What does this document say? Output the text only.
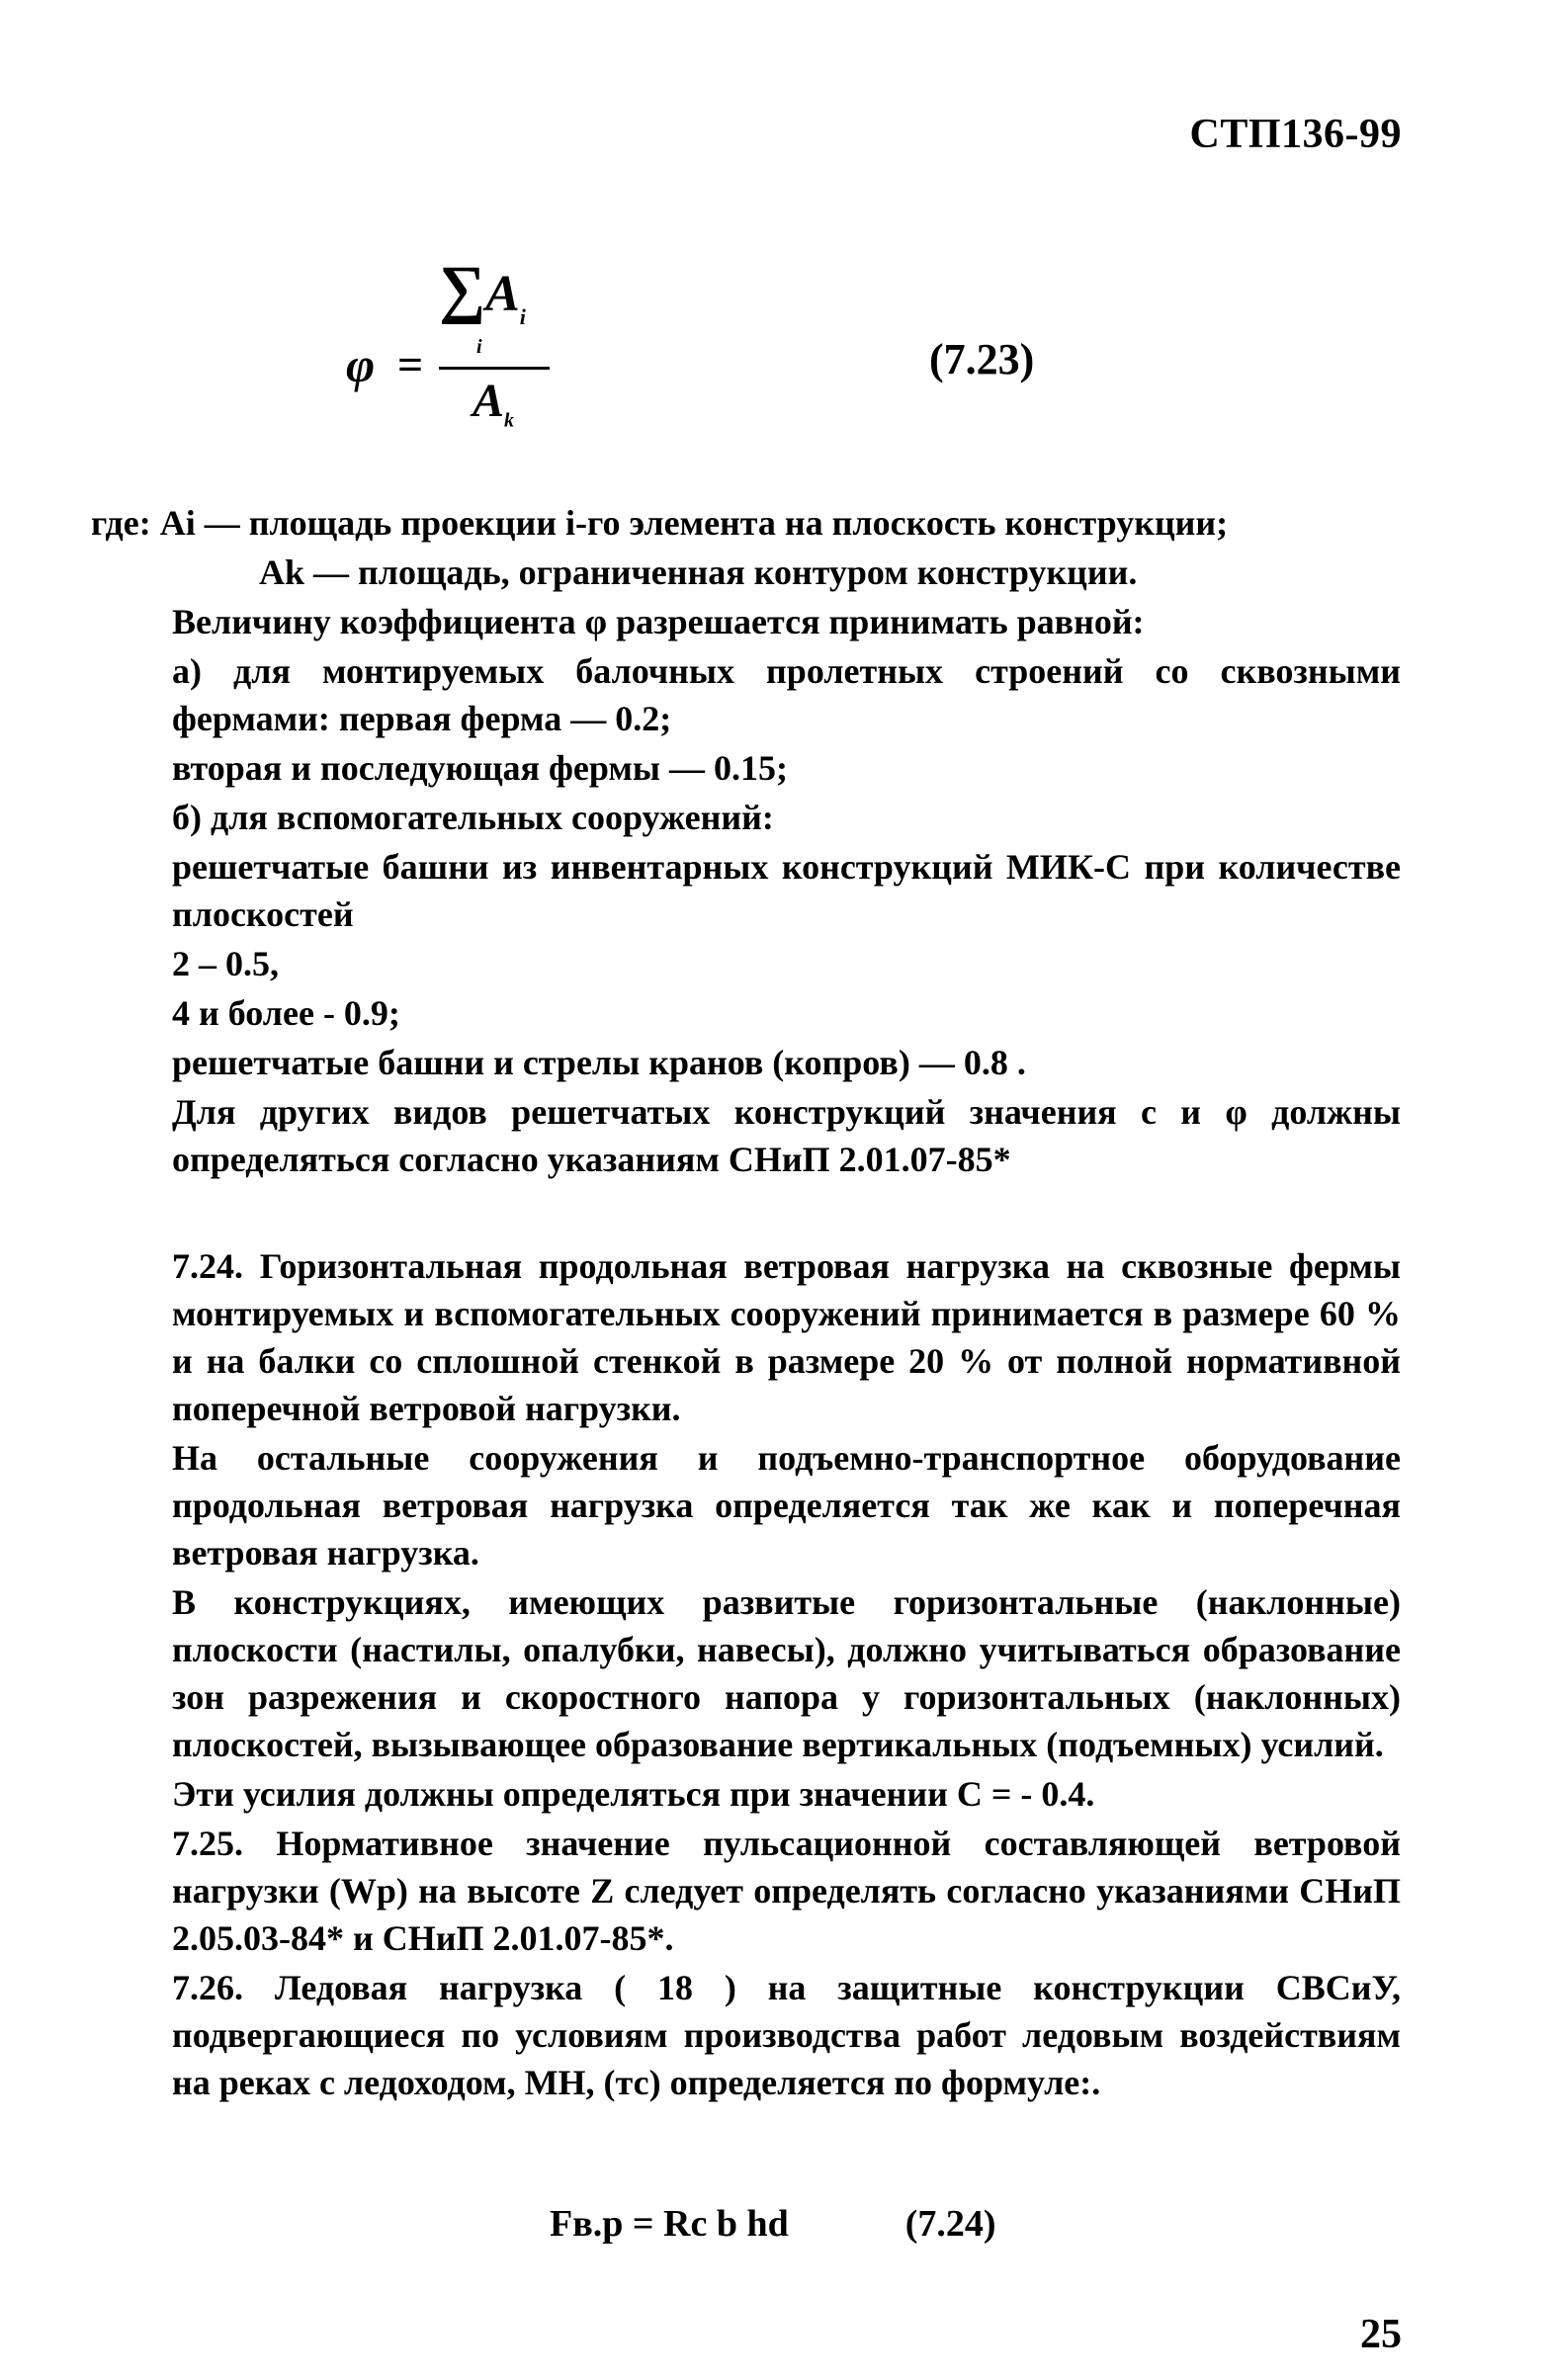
СТП136-99
φ =
$\sum A_i$
i
$A_k$
(7.23)

где: Ai — площадь проекции i-го элемента на плоскость конструкции;

Ak — площадь, ограниченная контуром конструкции.

Величину коэффициента φ разрешается принимать равной:

а) для монтируемых балочных пролетных строений со сквозными фермами: первая ферма — 0.2;

вторая и последующая фермы — 0.15;

б) для вспомогательных сооружений:

решетчатые башни из инвентарных конструкций МИК-С при количестве плоскостей

2 – 0.5,

4 и более - 0.9;

решетчатые башни и стрелы кранов (копров) — 0.8 .

Для других видов решетчатых конструкций значения с и φ должны определяться согласно указаниям СНиП 2.01.07-85*

7.24. Горизонтальная продольная ветровая нагрузка на сквозные фермы монтируемых и вспомогательных сооружений принимается в размере 60 % и на балки со сплошной стенкой в размере 20 % от полной нормативной поперечной ветровой нагрузки.

На остальные сооружения и подъемно-транспортное оборудование продольная ветровая нагрузка определяется так же как и поперечная ветровая нагрузка.

В конструкциях, имеющих развитые горизонтальные (наклонные) плоскости (настилы, опалубки, навесы), должно учитываться образование зон разрежения и скоростного напора у горизонтальных (наклонных) плоскостей, вызывающее образование вертикальных (подъемных) усилий.

Эти усилия должны определяться при значении С = - 0.4.

7.25. Нормативное значение пульсационной составляющей ветровой нагрузки (Wp) на высоте Z следует определять согласно указаниями СНиП 2.05.03-84* и СНиП 2.01.07-85*.

7.26. Ледовая нагрузка ( 18 ) на защитные конструкции СВСиУ, подвергающиеся по условиям производства работ ледовым воздействиям на реках с ледоходом, МН, (тс) определяется по формуле:.

Fв.р = Rc b hd	(7.24)
25
